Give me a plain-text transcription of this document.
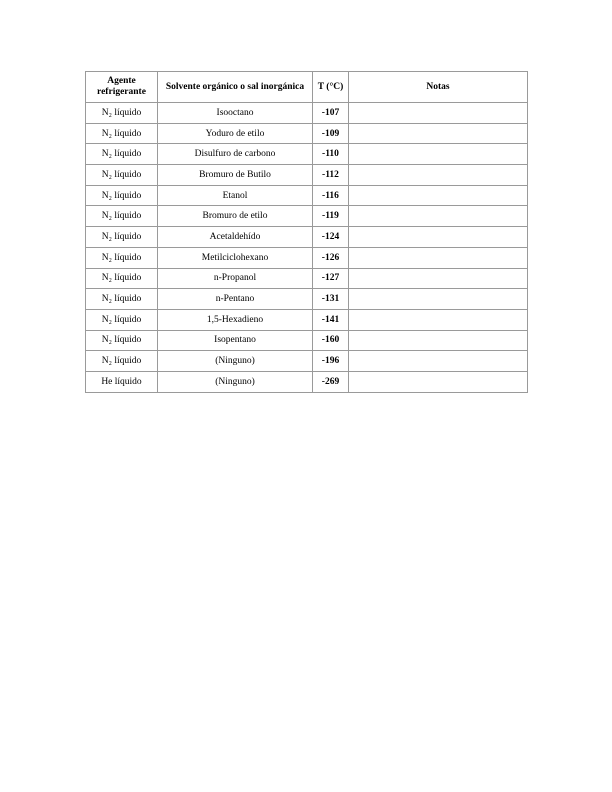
Agente refrigerante	Solvente orgánico o sal inorgánica	T (°C)	Notas
N₂ líquido	Isooctano	-107	
N₂ líquido	Yoduro de etilo	-109	
N₂ líquido	Disulfuro de carbono	-110	
N₂ líquido	Bromuro de Butilo	-112	
N₂ líquido	Etanol	-116	
N₂ líquido	Bromuro de etilo	-119	
N₂ líquido	Acetaldehído	-124	
N₂ líquido	Metilciclohexano	-126	
N₂ líquido	n-Propanol	-127	
N₂ líquido	n-Pentano	-131	
N₂ líquido	1,5-Hexadieno	-141	
N₂ líquido	Isopentano	-160	
N₂ líquido	(Ninguno)	-196	
He líquido	(Ninguno)	-269	
